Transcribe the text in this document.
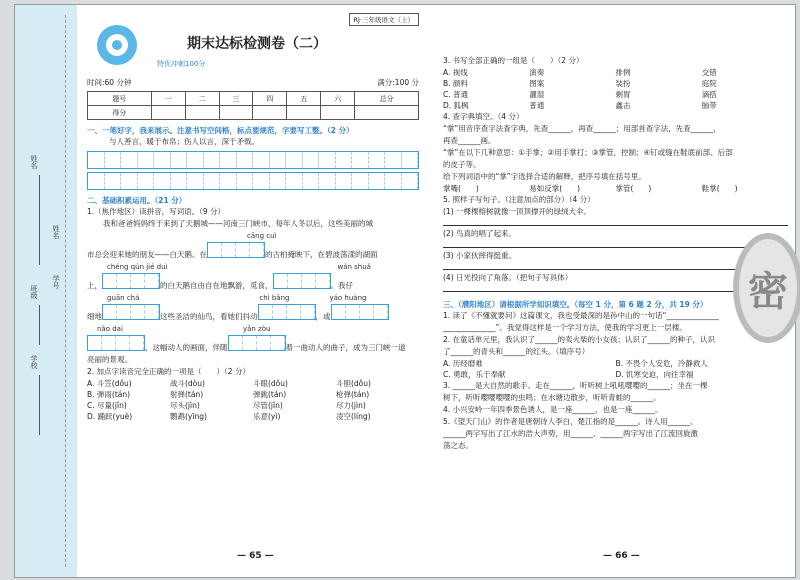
学校
班级
姓名
学号
姓名
RJ·三年级语文（上）
期末达标检测卷（二）
特优冲刺100分
时间:60 分钟	满分:100 分
题号	一	二	三	四	五	六	总分
得分							
一、一笔好字，我来展示。注意书写空间格，标点要规范，字要写工整。（2 分）

与人善言，暖于布帛；伤人以言，深于矛戟。

二、基础积累运用。（21 分）

1.（焦作地区）读拼音，写词语。（9 分）

我和爸爸妈妈终于来到了天鹅城——河南三门峡市，每年人冬以后，这些美丽的城

cāng cuì

市总会迎来她的朋友——白天鹅。在	的古柏掩映下，在碧波荡漾的湖面

chéng qún jié duì	wán shuǎ

上，	的白天鹅自由自在地飘游，觅食，	。我仔

guān chá	chì bǎng	yáo huàng

细地	这些圣洁的仙鸟，看她们抖动	，或

nǎo dai	yǎn zòu

，这幅动人的画面，伴随	着一曲动人的曲子，成为三门峡一道

亮丽的景观。

2. 加点字读音完全正确的一项是（　　）（2 分）

A. 斗笠(dǒu)	战斗(dòu)	斗眼(dǒu)	斗胆(dǒu)
B. 弹雨(tán)	射弹(tán)	弹跳(tán)	枪弹(tán)
C. 尽量(jǐn)	尽头(jìn)	尽管(jǐn)	尽力(jìn)
D. 踊跃(yuè)	鹦鹉(yīng)	乐意(yì)	凌空(líng)
— 65 —

3. 书写全部正确的一组是（　　）（2 分）

A. 视线	演奏	排例	交错
B. 颜料	图案	装扮	庭院
C. 普通	灑湿	剩胃	滴搭
D. 狐枫	普通	鑫击	脑带

4. 查字典填空。（4 分）

“掌”用音序查字法查字典，先查______，再查______；用部首查字法，先查______，

再查______画。

“掌”在以下几种意思：①手掌；②用手掌打；③掌管，控制；④钉或缝在鞋底前部、后部

的皮子等。

给下列词语中的“掌”字选择合适的解释，把序号填在括号里。

掌嘴(　　)	易如反掌(　　)	掌管(　　)	鞋掌(　　)

5. 照样子写句子。（注意加点的部分）（4 分）

(1) 一棵棵榕树就像一顶顶撑开的绿绒大伞。

(2) 鸟真的唱了起来。

(3) 小家伙摔得挺重。

(4) 日光投向了角落。（把句子写具体）

三、（濮阳地区）请根据所学知识填空。（每空 1 分，第 6 题 2 分，共 19 分）

1. 读了《不懂就要问》这篇课文，我也受最深的是孙中山的一句话“______________

______________”。我觉得这样是一个学习方法，使我的学习更上一层楼。

2. 在童话单元里，我认识了______的卖火柴的小女孩；认识了______的种子，认识

了______的青头和______的红头。（填序号）

A. 历经磨难	B. 不畏个人安危，冷静救人
C. 勇敢，乐于奉献	D. 饥寒交迫，向往幸福

3. ______是大自然的歌手。走在______，听听树上吼吼嘤嘤的______；坐在一棵

树下，听听嘤嘤嘤嘤的虫鸣；在水塘边散步，听听青蛙的______。

4. 小兴安岭一年四季景色诱人，是一座______，也是一座______。

5.《望天门山》的作者是唐朝诗人李白，楚江指的是______。诗人用______、

______两字写出了江水的浩大声势，用______、______两字写出了江流回旋激

荡之态。

— 66 —
密
